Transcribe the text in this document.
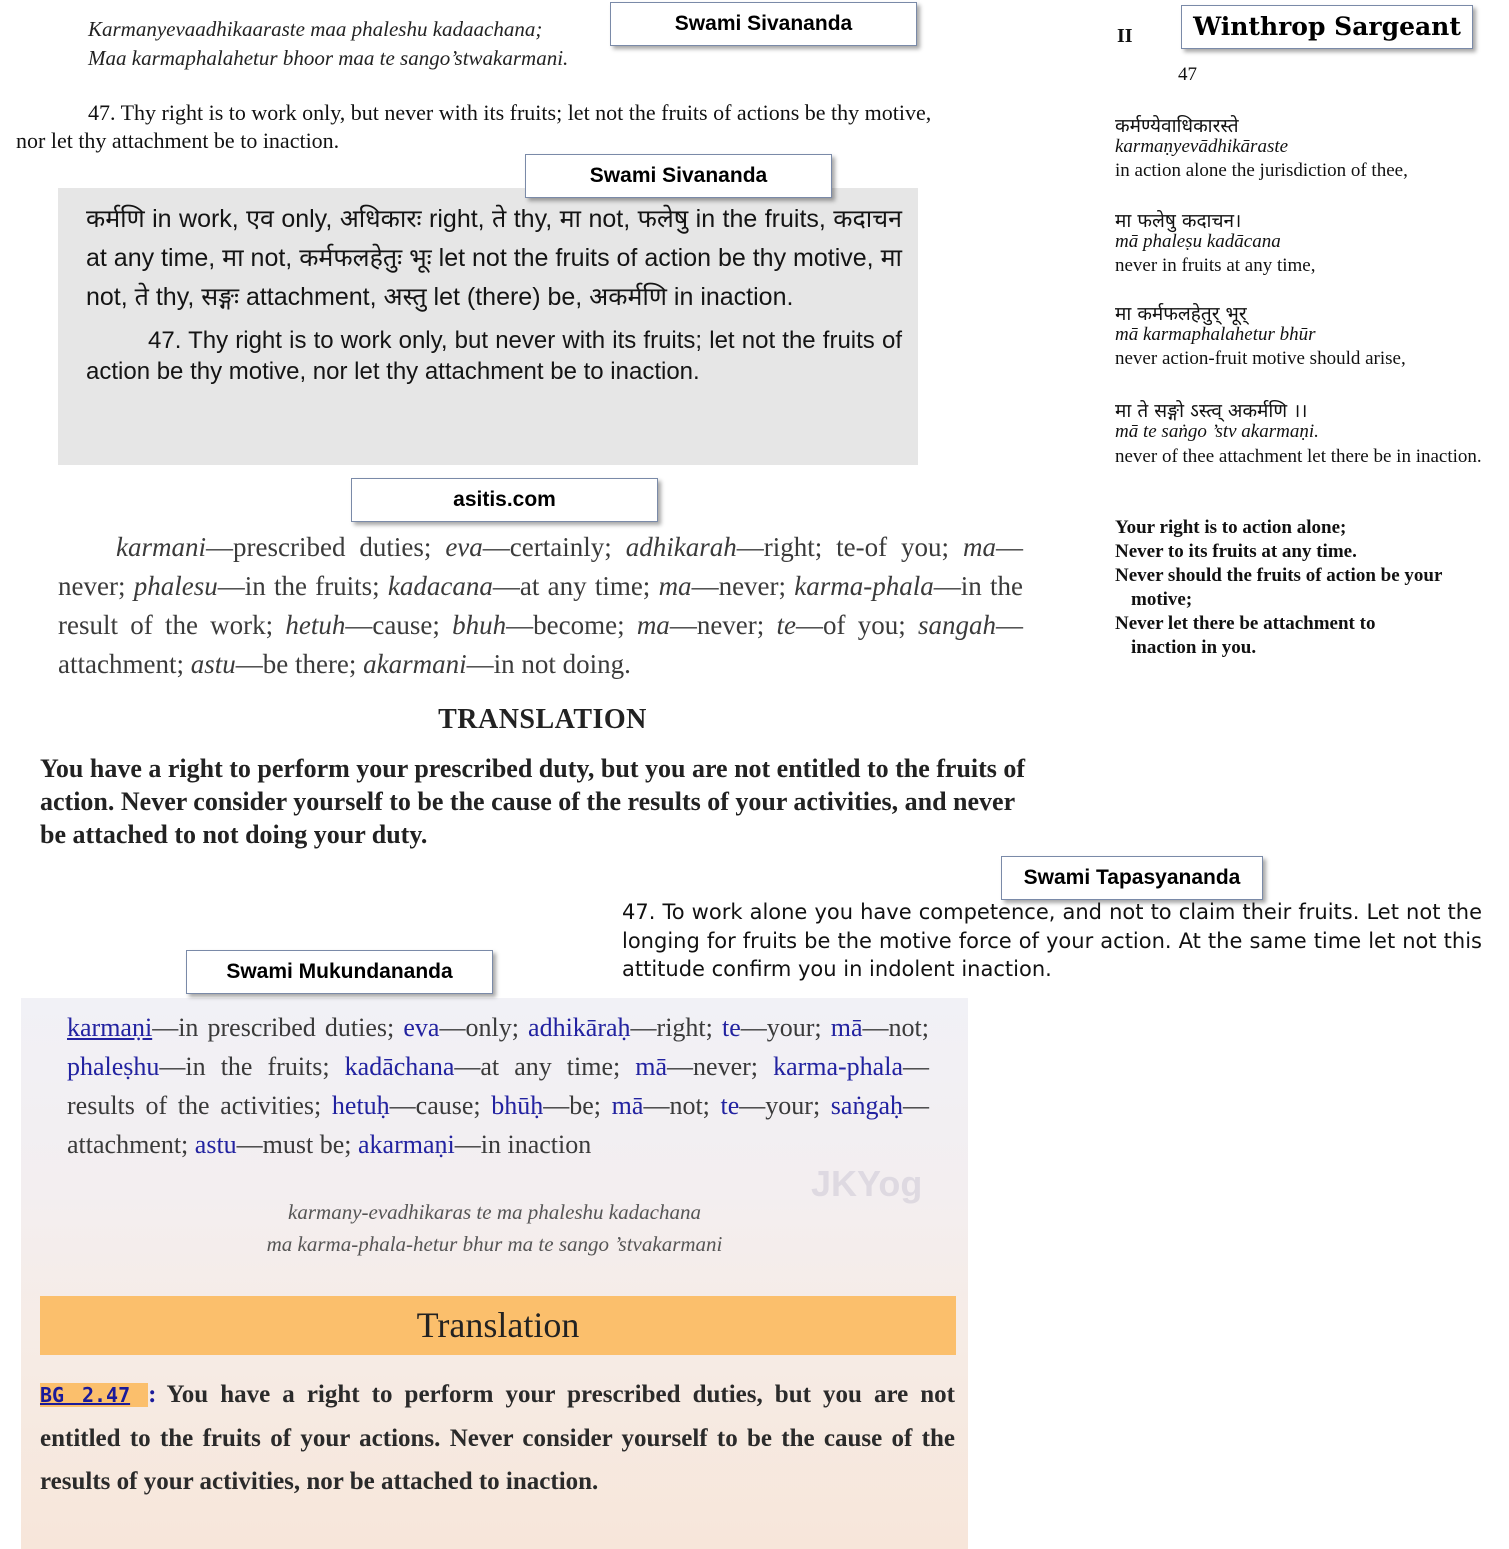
Karmanyevaadhikaaraste maa phaleshu kadaachana;
Maa karmaphalahetur bhoor maa te sango’stwakarmani.
Swami Sivananda
47. Thy right is to work only, but never with its fruits; let not the fruits of actions be thy motive, nor let thy attachment be to inaction.
कर्मणि in work, एव only, अधिकारः right, ते thy, मा not, फलेषु in the fruits, कदाचन at any time, मा not, कर्मफलहेतुः भूः let not the fruits of action be thy motive, मा not, ते thy, सङ्गः attachment, अस्तु let (there) be, अकर्मणि in inaction.
47. Thy right is to work only, but never with its fruits; let not the fruits of action be thy motive, nor let thy attachment be to inaction.
Swami Sivananda
asitis.com
karmani—prescribed duties; eva—certainly; adhikarah—right; te-of you; ma—never; phalesu—in the fruits; kadacana—at any time; ma—never; karma-phala—in the result of the work; hetuh—cause; bhuh—become; ma—never; te—of you; sangah—attachment; astu—be there; akarmani—in not doing.
TRANSLATION
You have a right to perform your prescribed duty, but you are not entitled to the fruits of action. Never consider yourself to be the cause of the results of your activities, and never be attached to not doing your duty.
Swami Tapasyananda
47. To work alone you have competence, and not to claim their fruits. Let not the longing for fruits be the motive force of your action. At the same time let not this attitude confirm you in indolent inaction.
II
47
कर्मण्येवाधिकारस्ते
karmaṇyevādhikāraste
in action alone the jurisdiction of thee,
मा फलेषु कदाचन।
mā phaleṣu kadācana
never in fruits at any time,
मा कर्मफलहेतुर् भूर्
mā karmaphalahetur bhūr
never action-fruit motive should arise,
मा ते सङ्गो ऽस्त्व् अकर्मणि ।।
mā te saṅgo ’stv akarmaṇi.
never of thee attachment let there be in inaction.
Your right is to action alone;
Never to its fruits at any time.
Never should the fruits of action be your motive;
Never let there be attachment to inaction in you.
Winthrop Sargeant
JKYog
karmaṇi—in prescribed duties; eva—only; adhikāraḥ—right; te—your; mā—not; phaleṣhu—in the fruits; kadāchana—at any time; mā—never; karma-phala—results of the activities; hetuḥ—cause; bhūḥ—be; mā—not; te—your; saṅgaḥ—attachment; astu—must be; akarmaṇi—in inaction
karmany-evadhikaras te ma phaleshu kadachana
ma karma-phala-hetur bhur ma te sango ’stvakarmani
Translation
BG 2.47 : You have a right to perform your prescribed duties, but you are not entitled to the fruits of your actions. Never consider yourself to be the cause of the results of your activities, nor be attached to inaction.
Swami Mukundananda
